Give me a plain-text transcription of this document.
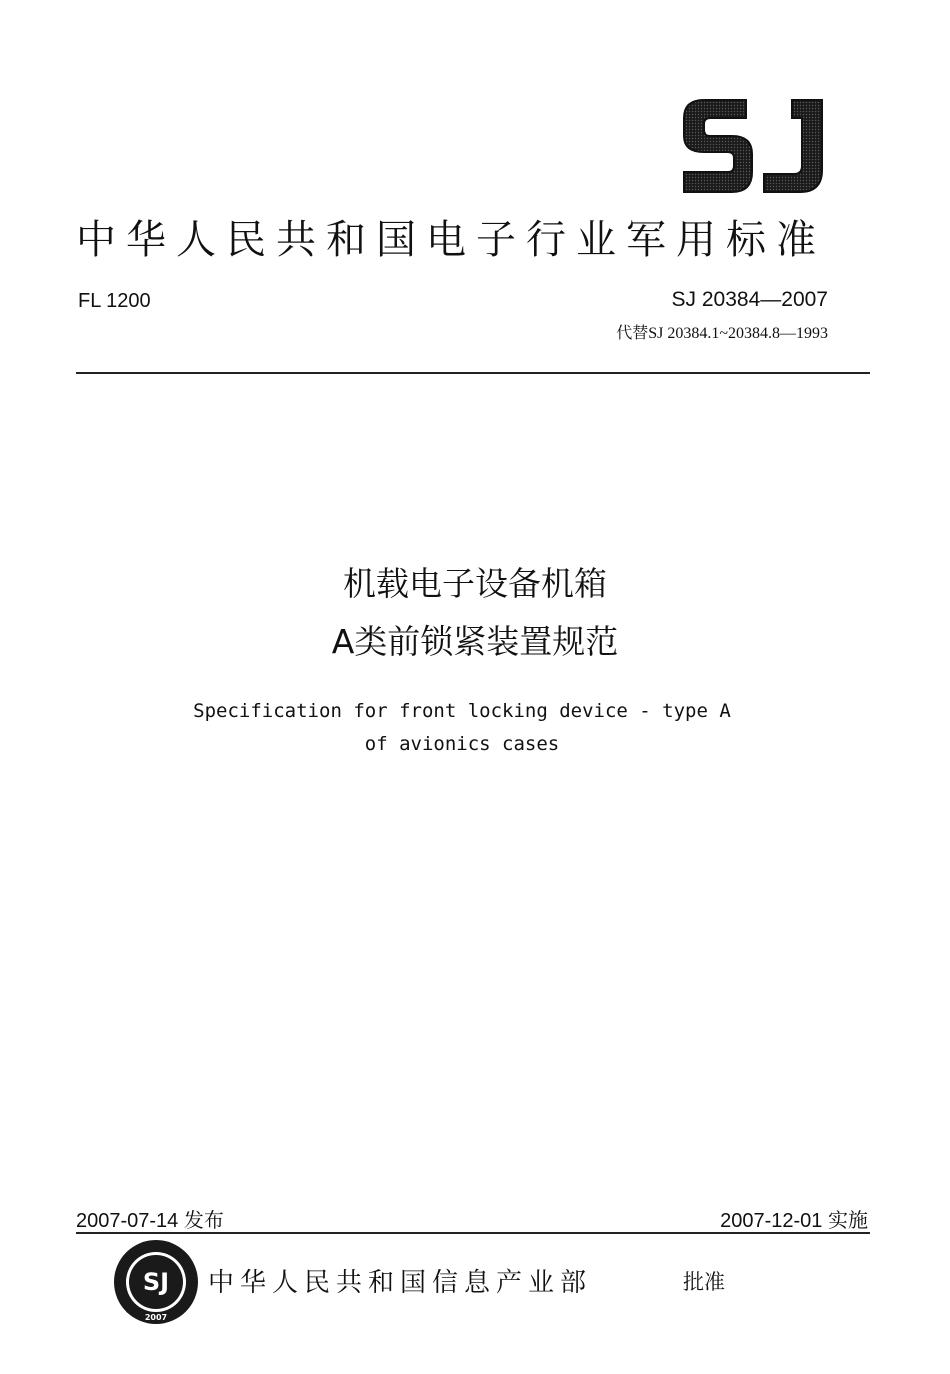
中华人民共和国电子行业军用标准
FL 1200	SJ 20384—2007
代替SJ 20384.1~20384.8—1993
机载电子设备机箱
A类前锁紧装置规范
Specification for front locking device - type A
of avionics cases
2007-07-14 发布	2007-12-01 实施
SJ
2007
中华人民共和国信息产业部	批准
